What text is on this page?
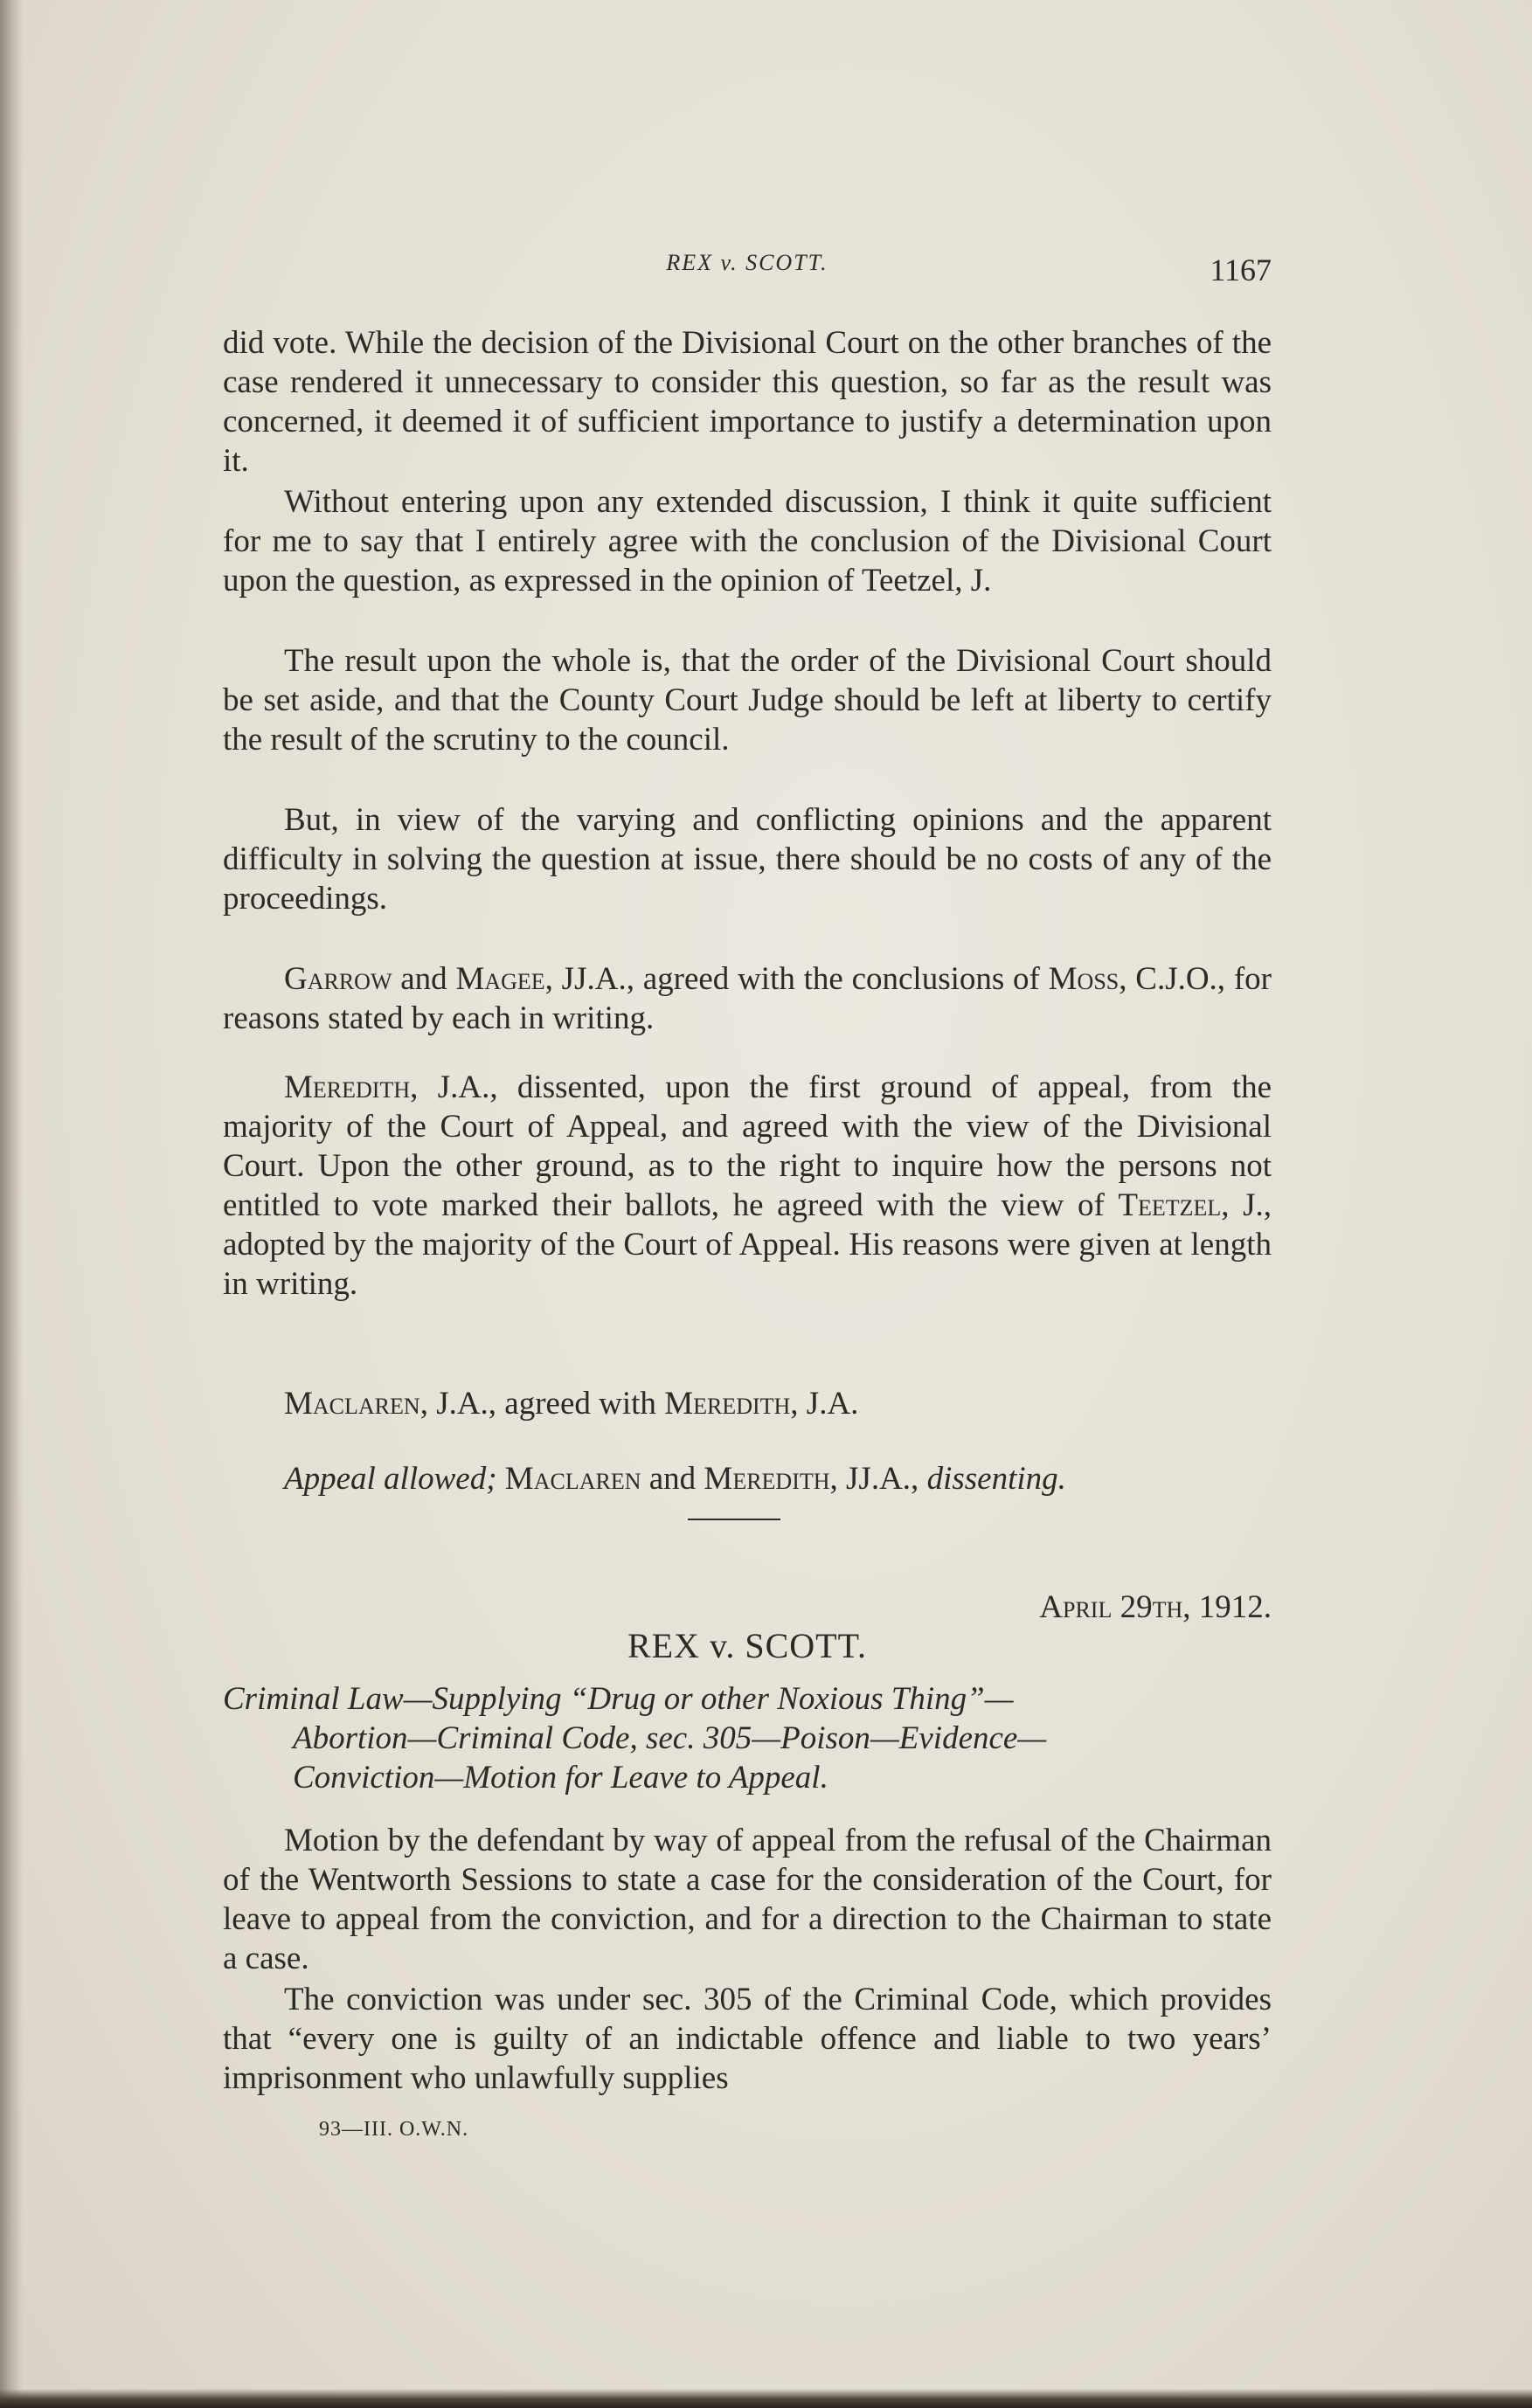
REX v. SCOTT.	1167

did vote. While the decision of the Divisional Court on the other branches of the case rendered it unnecessary to consider this question, so far as the result was concerned, it deemed it of sufficient importance to justify a determination upon it.

Without entering upon any extended discussion, I think it quite sufficient for me to say that I entirely agree with the conclusion of the Divisional Court upon the question, as expressed in the opinion of Teetzel, J.

The result upon the whole is, that the order of the Divisional Court should be set aside, and that the County Court Judge should be left at liberty to certify the result of the scrutiny to the council.

But, in view of the varying and conflicting opinions and the apparent difficulty in solving the question at issue, there should be no costs of any of the proceedings.

Garrow and Magee, JJ.A., agreed with the conclusions of Moss, C.J.O., for reasons stated by each in writing.

Meredith, J.A., dissented, upon the first ground of appeal, from the majority of the Court of Appeal, and agreed with the view of the Divisional Court. Upon the other ground, as to the right to inquire how the persons not entitled to vote marked their ballots, he agreed with the view of Teetzel, J., adopted by the majority of the Court of Appeal. His reasons were given at length in writing.

Maclaren, J.A., agreed with Meredith, J.A.

Appeal allowed; Maclaren and Meredith, JJ.A., dissenting.

April 29th, 1912.
REX v. SCOTT.
Criminal Law—Supplying “Drug or other Noxious Thing”—
Abortion—Criminal Code, sec. 305—Poison—Evidence—
Conviction—Motion for Leave to Appeal.

Motion by the defendant by way of appeal from the refusal of the Chairman of the Wentworth Sessions to state a case for the consideration of the Court, for leave to appeal from the conviction, and for a direction to the Chairman to state a case.

The conviction was under sec. 305 of the Criminal Code, which provides that “every one is guilty of an indictable offence and liable to two years’ imprisonment who unlawfully supplies

93—III. O.W.N.
